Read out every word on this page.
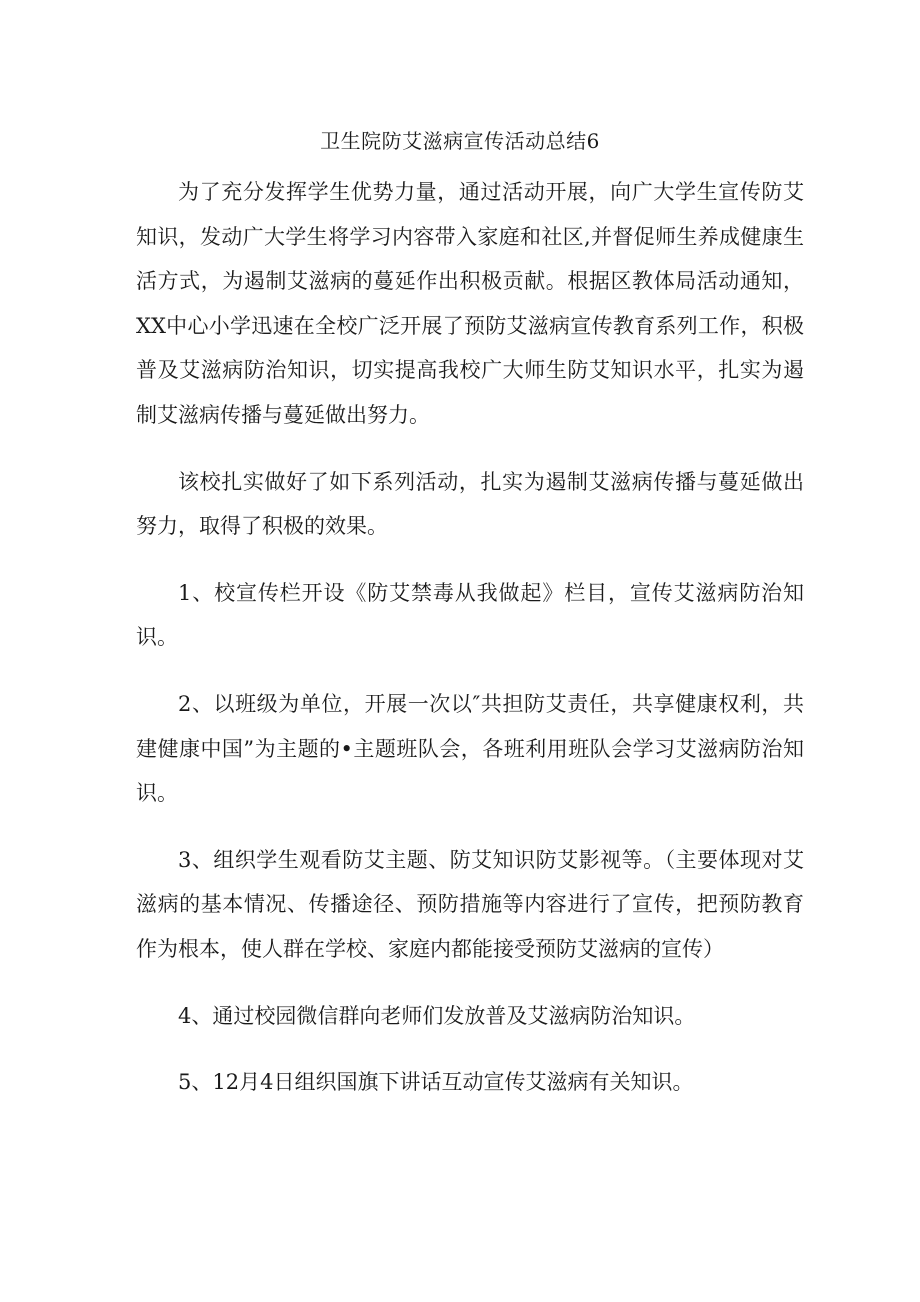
卫生院防艾滋病宣传活动总结6

为了充分发挥学生优势力量，通过活动开展，向广大学生宣传防艾知识，发动广大学生将学习内容带入家庭和社区,并督促师生养成健康生活方式，为遏制艾滋病的蔓延作出积极贡献。根据区教体局活动通知，XX中心小学迅速在全校广泛开展了预防艾滋病宣传教育系列工作，积极普及艾滋病防治知识，切实提高我校广大师生防艾知识水平，扎实为遏制艾滋病传播与蔓延做出努力。

该校扎实做好了如下系列活动，扎实为遏制艾滋病传播与蔓延做出努力，取得了积极的效果。

1、校宣传栏开设《防艾禁毒从我做起》栏目，宣传艾滋病防治知识。

2、以班级为单位，开展一次以″共担防艾责任，共享健康权利，共建健康中国”为主题的•主题班队会，各班利用班队会学习艾滋病防治知识。

3、组织学生观看防艾主题、防艾知识防艾影视等。（主要体现对艾滋病的基本情况、传播途径、预防措施等内容进行了宣传，把预防教育作为根本，使人群在学校、家庭内都能接受预防艾滋病的宣传）

4、通过校园微信群向老师们发放普及艾滋病防治知识。

5、12月4日组织国旗下讲话互动宣传艾滋病有关知识。
